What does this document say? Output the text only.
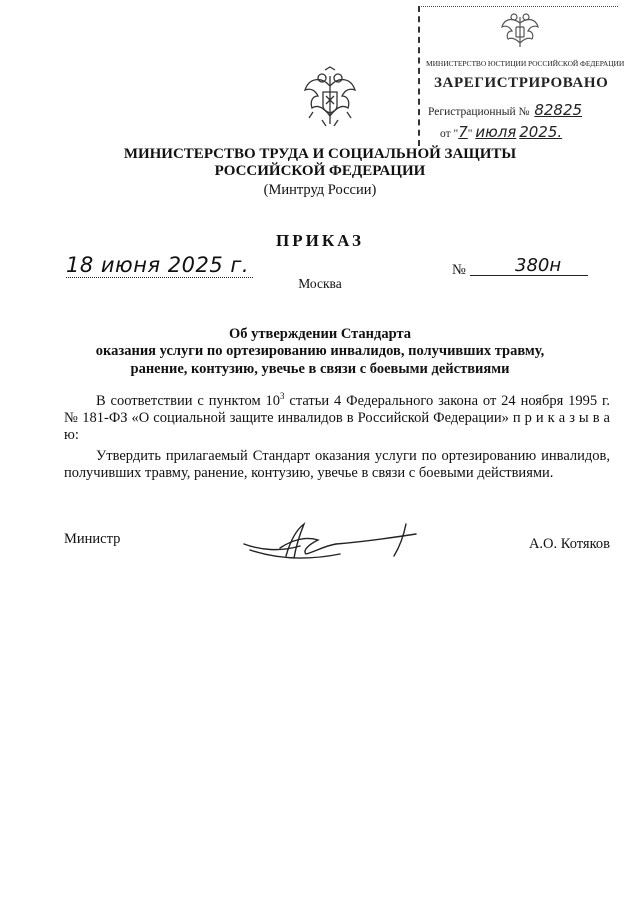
МИНИСТЕРСТВО ЮСТИЦИИ РОССИЙСКОЙ ФЕДЕРАЦИИ
ЗАРЕГИСТРИРОВАНО
Регистрационный № 82825
от "7" июля 2025.
МИНИСТЕРСТВО ТРУДА И СОЦИАЛЬНОЙ ЗАЩИТЫ
РОССИЙСКОЙ ФЕДЕРАЦИИ
(Минтруд России)
ПРИКАЗ
18 июня 2025 г.	№	380н
Москва
Об утверждении Стандарта
оказания услуги по ортезированию инвалидов, получивших травму,
ранение, контузию, увечье в связи с боевыми действиями
В соответствии с пунктом $10^3$ статьи 4 Федерального закона от 24 ноября 1995 г. № 181-ФЗ «О социальной защите инвалидов в Российской Федерации» п р и к а з ы в а ю:
Утвердить прилагаемый Стандарт оказания услуги по ортезированию инвалидов, получивших травму, ранение, контузию, увечье в связи с боевыми действиями.
Министр	А.О. Котяков
